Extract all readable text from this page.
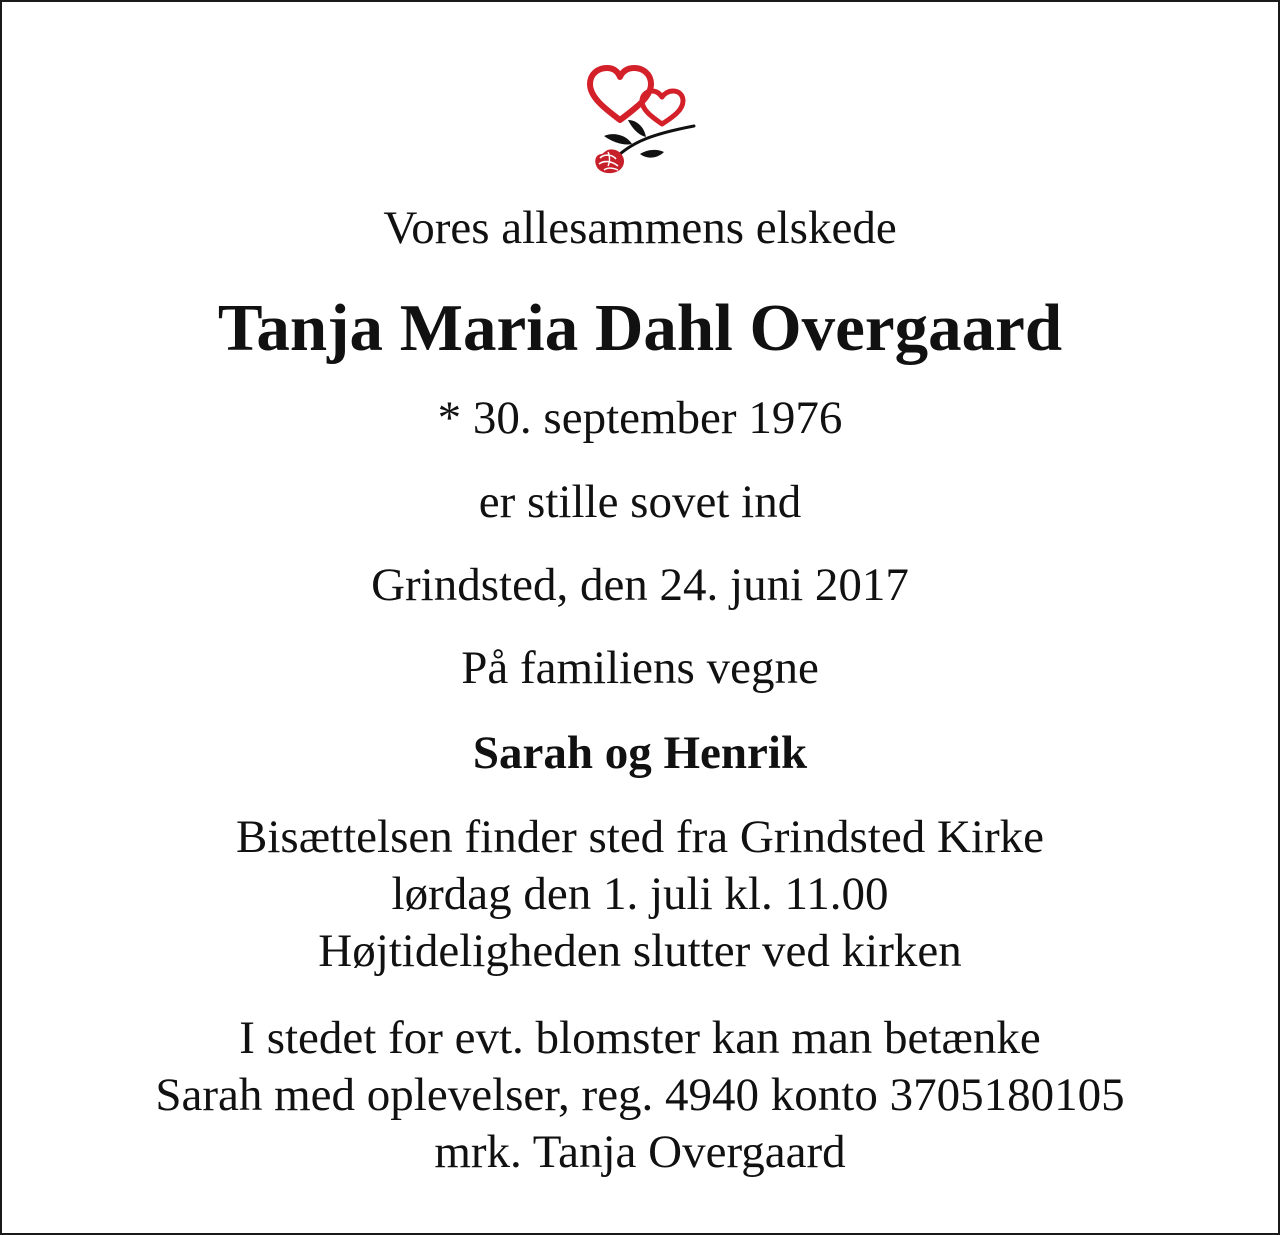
Vores allesammens elskede

Tanja Maria Dahl Overgaard

* 30. september 1976

er stille sovet ind

Grindsted, den 24. juni 2017

På familiens vegne

Sarah og Henrik

Bisættelsen finder sted fra Grindsted Kirke
lørdag den 1. juli kl. 11.00
Højtideligheden slutter ved kirken
I stedet for evt. blomster kan man betænke
Sarah med oplevelser, reg. 4940 konto 3705180105
mrk. Tanja Overgaard
